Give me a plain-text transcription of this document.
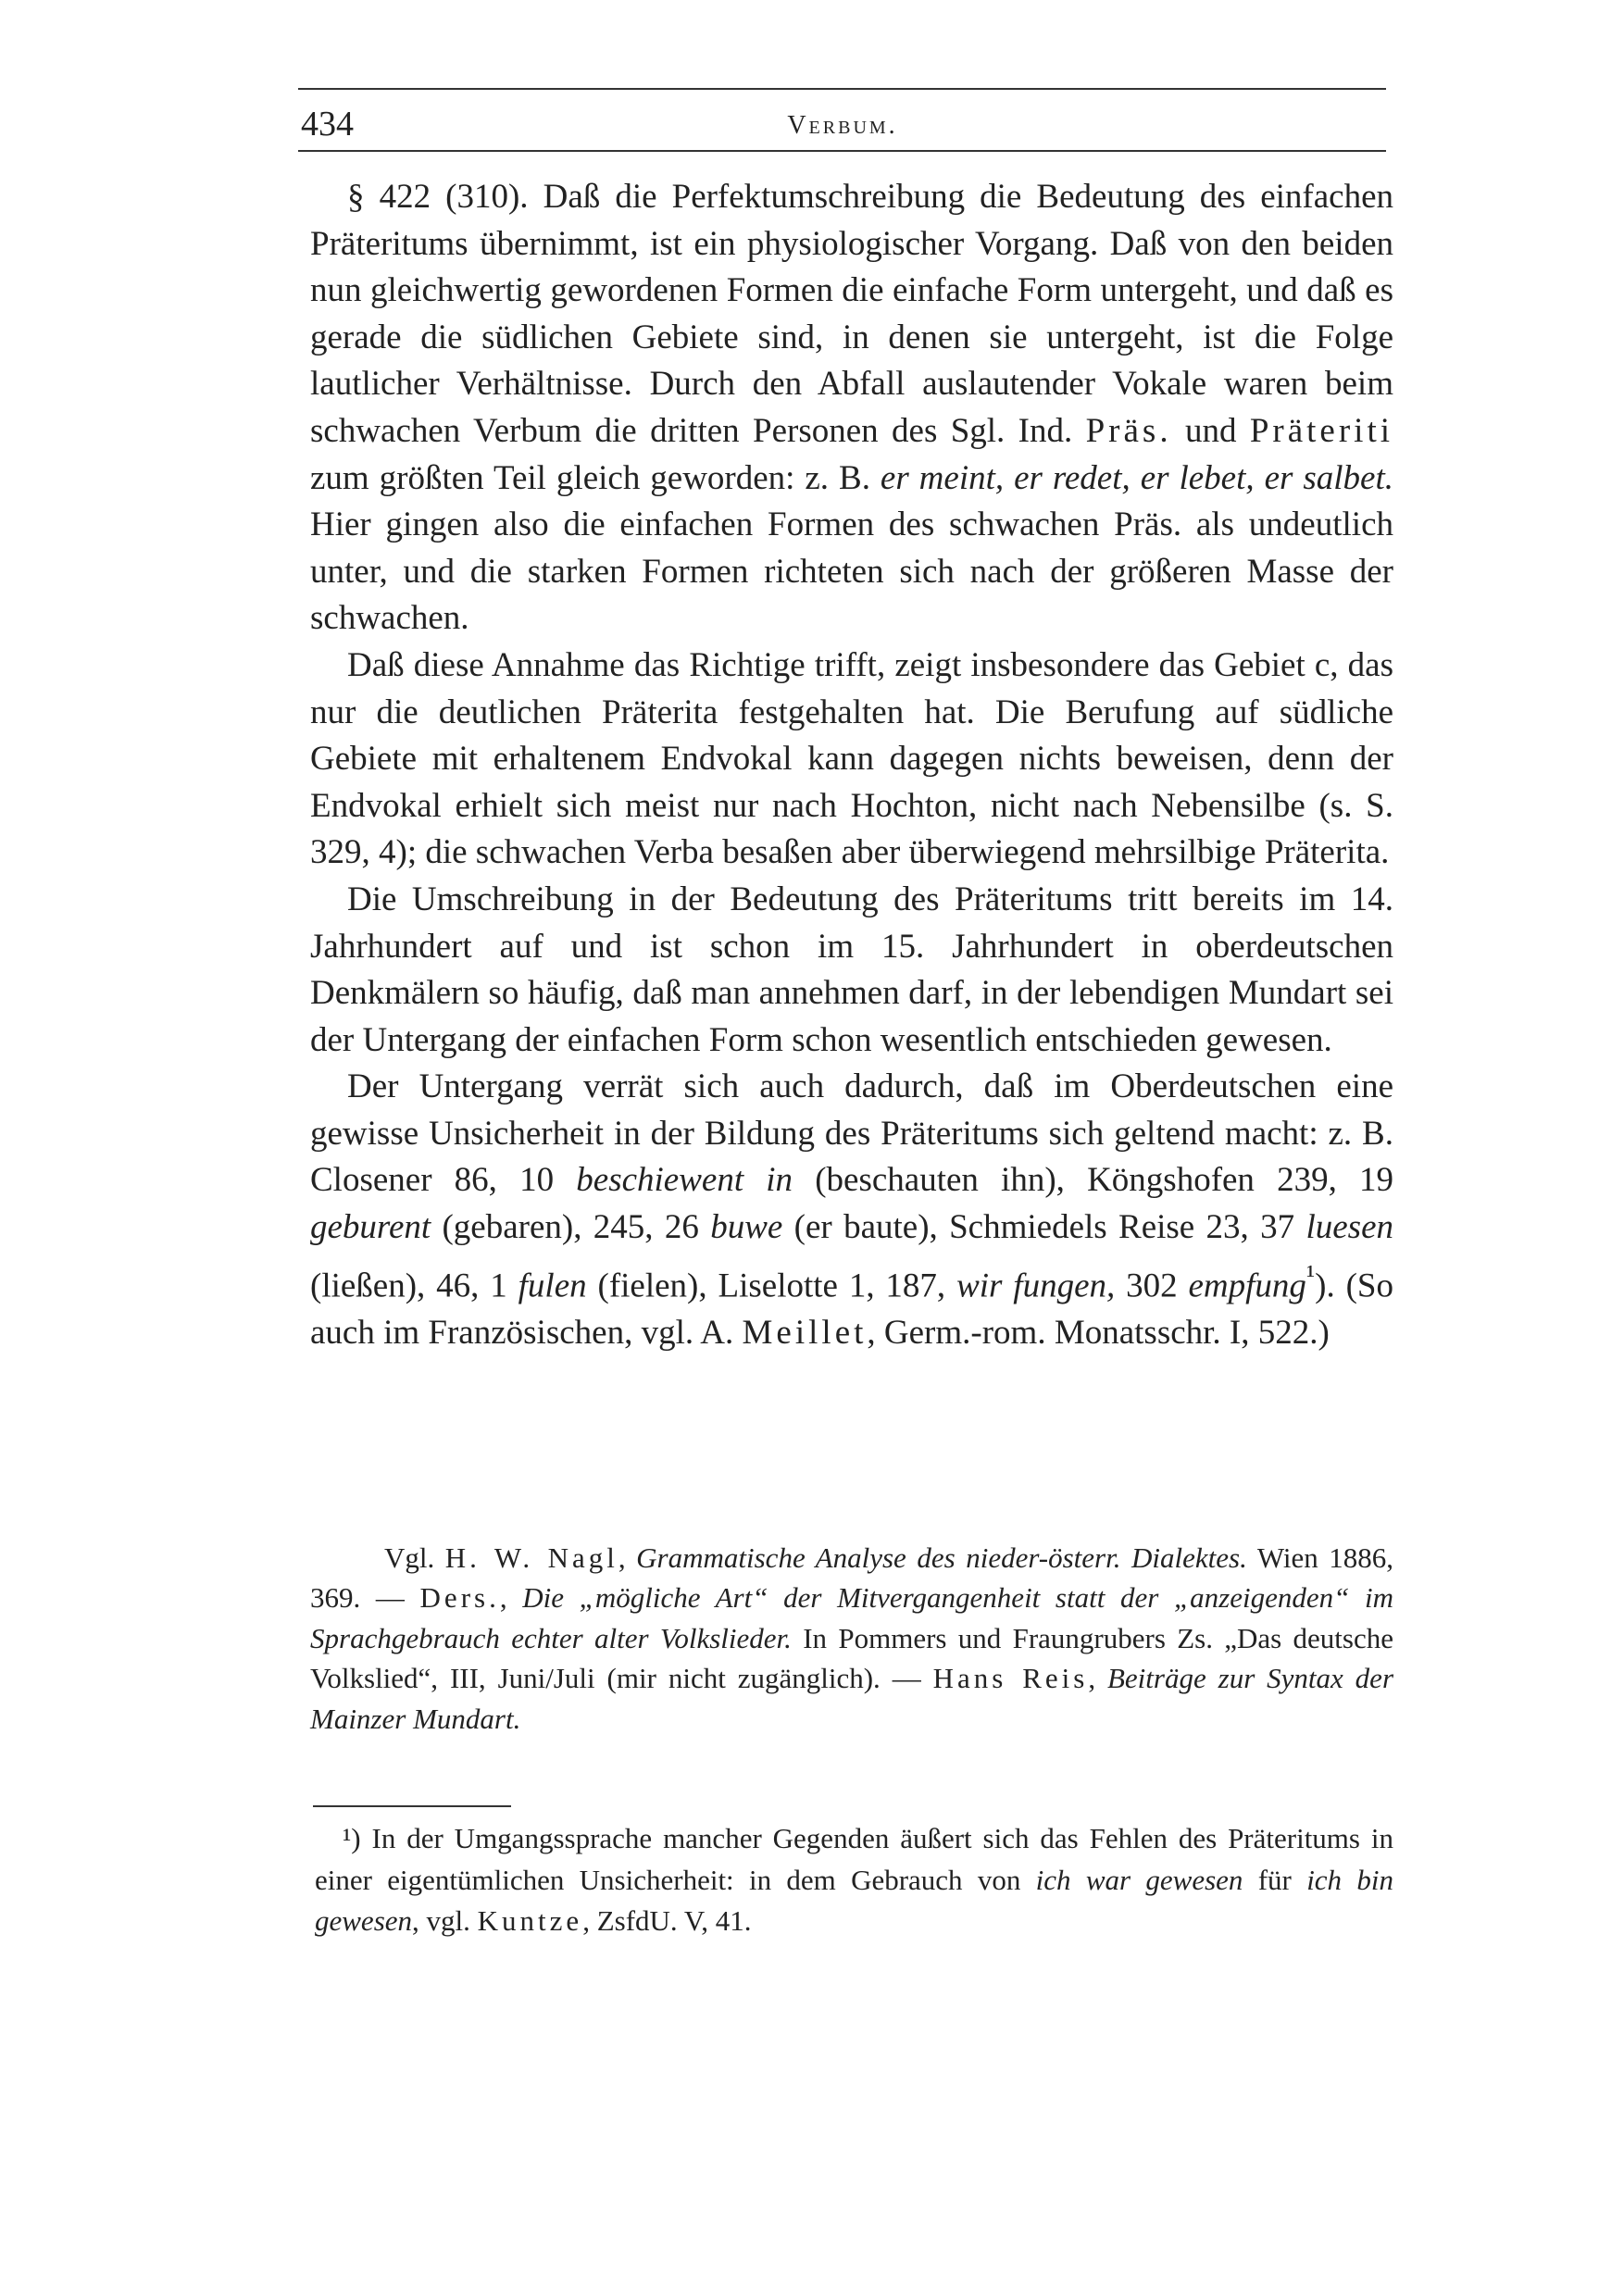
434	Verbum.

§ 422 (310). Daß die Perfektumschreibung die Bedeutung des einfachen Präteritums übernimmt, ist ein physiologischer Vorgang. Daß von den beiden nun gleichwertig gewordenen Formen die einfache Form untergeht, und daß es gerade die südlichen Gebiete sind, in denen sie untergeht, ist die Folge lautlicher Verhältnisse. Durch den Abfall auslautender Vokale waren beim schwachen Verbum die dritten Personen des Sgl. Ind. Präs. und Präteriti zum größten Teil gleich geworden: z. B. er meint, er redet, er lebet, er salbet. Hier gingen also die einfachen Formen des schwachen Präs. als undeutlich unter, und die starken Formen richteten sich nach der größeren Masse der schwachen.

Daß diese Annahme das Richtige trifft, zeigt insbesondere das Gebiet c, das nur die deutlichen Präterita festgehalten hat. Die Berufung auf südliche Gebiete mit erhaltenem Endvokal kann dagegen nichts beweisen, denn der Endvokal erhielt sich meist nur nach Hochton, nicht nach Nebensilbe (s. S. 329, 4); die schwachen Verba besaßen aber überwiegend mehrsilbige Präterita.

Die Umschreibung in der Bedeutung des Präteritums tritt bereits im 14. Jahrhundert auf und ist schon im 15. Jahrhundert in oberdeutschen Denkmälern so häufig, daß man annehmen darf, in der lebendigen Mundart sei der Untergang der einfachen Form schon wesentlich entschieden gewesen.

Der Untergang verrät sich auch dadurch, daß im Oberdeutschen eine gewisse Unsicherheit in der Bildung des Präteritums sich geltend macht: z. B. Closener 86, 10 beschiewent in (beschauten ihn), Köngshofen 239, 19 geburent (gebaren), 245, 26 buwe (er baute), Schmiedels Reise 23, 37 luesen (ließen), 46, 1 fulen (fielen), Liselotte 1, 187, wir fungen, 302 empfung$^{^1}$). (So auch im Französischen, vgl. A. Meillet, Germ.-rom. Monatsschr. I, 522.)

Vgl. H. W. Nagl, Grammatische Analyse des nieder-österr. Dialektes. Wien 1886, 369. — Ders., Die „mögliche Art“ der Mitvergangenheit statt der „anzeigenden“ im Sprachgebrauch echter alter Volkslieder. In Pommers und Fraungrubers Zs. „Das deutsche Volkslied“, III, Juni/Juli (mir nicht zugänglich). — Hans Reis, Beiträge zur Syntax der Mainzer Mundart.

¹) In der Umgangssprache mancher Gegenden äußert sich das Fehlen des Präteritums in einer eigentümlichen Unsicherheit: in dem Gebrauch von ich war gewesen für ich bin gewesen, vgl. Kuntze, ZsfdU. V, 41.
